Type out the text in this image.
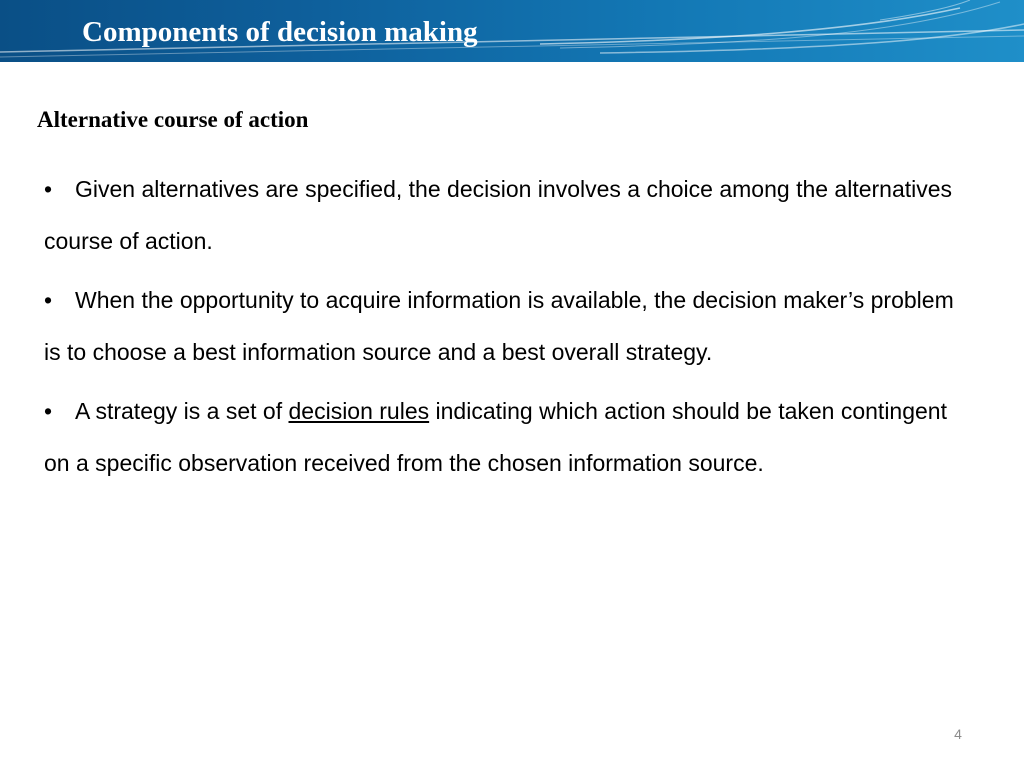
Components of decision making
Alternative course of action
• Given alternatives are specified, the decision involves a choice among the alternatives course of action.
• When the opportunity to acquire information is available, the decision maker’s problem is to choose a best information source and a best overall strategy.
• A strategy is a set of decision rules indicating which action should be taken contingent on a specific observation received from the chosen information source.
4
